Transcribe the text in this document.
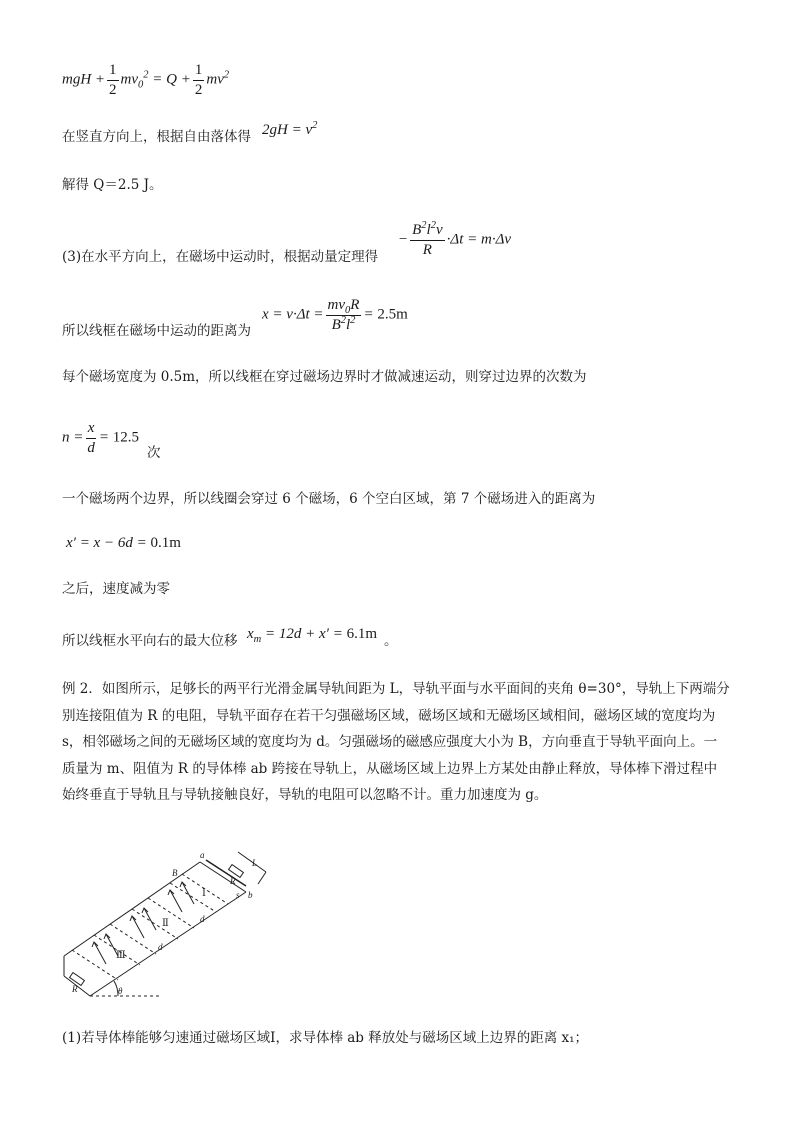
mgH + $\frac{1}{2} mv_0^2 = Q + \frac{1}{2} mv^2$
在竖直方向上，根据自由落体得 $2gH = v^2$
解得 Q＝2.5 J。
(3)在水平方向上，在磁场中运动时，根据动量定理得
− $\frac{B^2l^2v}{R} \cdot\Delta t = m\cdot\Delta v$
所以线框在磁场中运动的距离为
$x = v\cdot\Delta t = \frac{mv_0R}{B^2l^2} = 2.5m$
每个磁场宽度为 0.5m，所以线框在穿过磁场边界时才做减速运动，则穿过边界的次数为
$n = \frac{x}{d} = 12.5$
次
一个磁场两个边界，所以线圈会穿过 6 个磁场，6 个空白区域，第 7 个磁场进入的距离为
x′ = x − 6d = 0.1m
之后，速度减为零
所以线框水平向右的最大位移 $x_m = 12d + x' = 6.1m$ 。
例 2．如图所示，足够长的两平行光滑金属导轨间距为 L，导轨平面与水平面间的夹角 θ=30°，导轨上下两端分别连接阻值为 R 的电阻，导轨平面存在若干匀强磁场区域，磁场区域和无磁场区域相间，磁场区域的宽度均为 s，相邻磁场之间的无磁场区域的宽度均为 d。匀强磁场的磁感应强度大小为 B，方向垂直于导轨平面向上。一质量为 m、阻值为 R 的导体棒 ab 跨接在导轨上，从磁场区域上边界上方某处由静止释放，导体棒下滑过程中始终垂直于导轨且与导轨接触良好，导轨的电阻可以忽略不计。重力加速度为 g。
a
b
L
B
R
R	θ
s
d
d
Ⅰ
Ⅱ
Ⅲ
(1)若导体棒能够匀速通过磁场区域Ⅰ，求导体棒 ab 释放处与磁场区域上边界的距离 x₁；
